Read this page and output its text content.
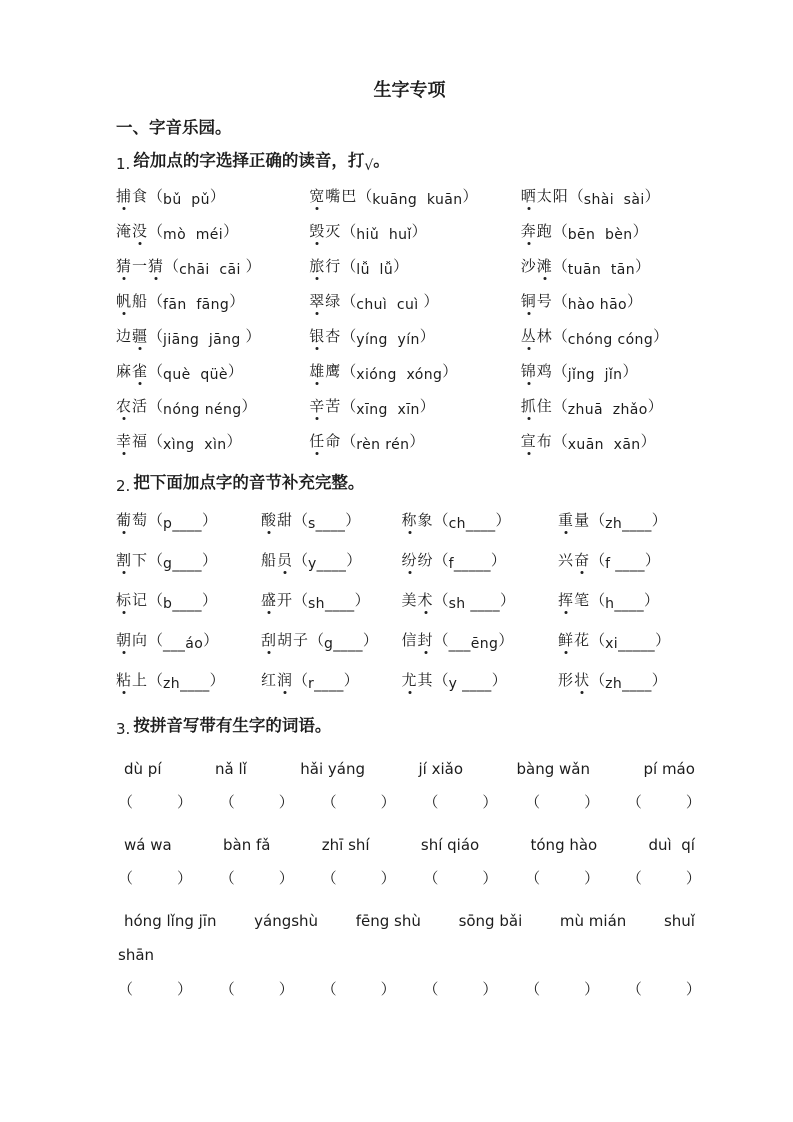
生字专项
一、字音乐园。
1. 给加点的字选择正确的读音，打$_√$。
捕食（bǔ  pǔ）	宽嘴巴（kuāng  kuān）	晒太阳（shài  sài）
淹没（mò  méi）	毁灭（hiǔ  huǐ）	奔跑（bēn  bèn）
猜一猜（chāi  cāi ）	旅行（lǚ  lǚ）	沙滩（tuān  tān）
帆船（fān  fāng）	翠绿（chuì  cuì ）	铜号（hào hāo）
边疆（jiāng  jāng ）	银杏（yíng  yín）	丛林（chóng cóng）
麻雀（què  qüè）	雄鹰（xióng  xóng）	锦鸡（jǐng  jǐn）
农活（nóng néng）	辛苦（xīng  xīn）	抓住（zhuā  zhǎo）
幸福（xìng  xìn）	任命（rèn rén）	宣布（xuān  xān）
2. 把下面加点字的音节补充完整。
葡萄（p____）	酸甜（s____）	称象（ch____）	重量（zh____）
割下（g____）	船员（y____）	纷纷（f_____）	兴奋（f ____）
标记（b____）	盛开（sh____）	美术（sh ____）	挥笔（h____）
朝向（___áo）	刮胡子（g____）	信封（___ēng）	鲜花（xi_____）
粘上（zh____）	红润（r____）	尤其（y ____）	形状（zh____）
3. 按拼音写带有生字的词语。
dù pí	nǎ lǐ	hǎi yáng	jí xiǎo	bàng wǎn	pí máo
（	） （	） （	） （	） （	） （	）
wá wa	bàn fǎ	zhī shí	shí qiáo	tóng hào	duì  qí
（	） （	） （	） （	） （	） （	）
hóng lǐng jīn	yángshù	fēng shù	sōng bǎi	mù mián	shuǐ
shān
（	） （	） （	） （	） （	） （	）
